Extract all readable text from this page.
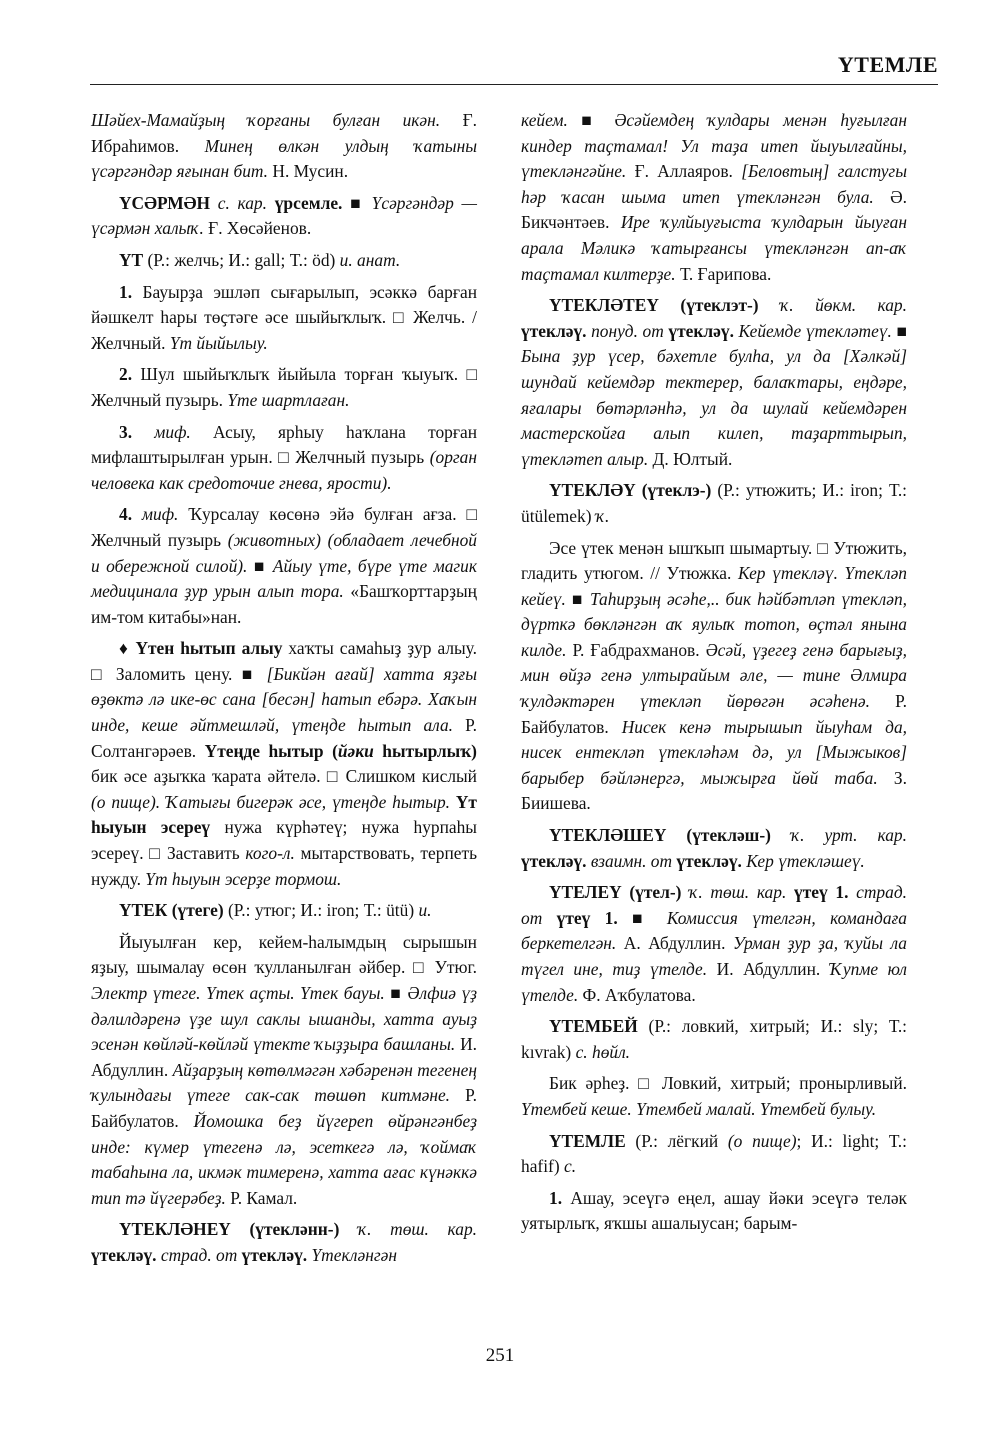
ҮТЕМЛЕ

Шәйех-Мамайҙың ҡорғаны булған икән. Ғ. Ибраһимов. Минең өлкән улдың ҡатыны үсәргәндәр яғынан бит. Н. Мусин.

ҮСӘРМӘН с. кар. үрсемле. ■ Үсәргәндәр — үсәрмән халыҡ. Ғ. Хөсәйенов.

ҮТ (Р.: желчь; И.: gall; Т.: öd) и. анат.

1. Бауырҙа эшләп сығарылып, эсәккә барған йәшкелт һары төҫтәге әсе шыйыҡлыҡ. □ Желчь. / Желчный. Үт йыйылыу.

2. Шул шыйыҡлыҡ йыйыла торған ҡыуыҡ. □ Желчный пузырь. Үте шартлаған.

3. миф. Асыу, ярһыу һаҡлана торған мифлаштырылған урын. □ Желчный пузырь (орган человека как средоточие гнева, ярости).

4. миф. Ҡурсалау көсөнә эйә булған ағза. □ Желчный пузырь (животных) (обладает лечебной и обережной силой). ■ Айыу үте, бүре үте магик медицинала ҙур урын алып тора. «Башҡорттарҙың им-том китабы»нан.

♦ Үтен һытып алыу хаҡты самаһыҙ ҙур алыу. □ Заломить цену. ■ [Бикйән ағай] хатта яҙғы өҙөктә лә ике-өс сана [бесән] һатып ебәрә. Хаҡын инде, кеше әйтмешләй, үтеңде һытып ала. Р. Солтангәрәев. Үтеңде һытыр (йәки һытырлыҡ) бик әсе аҙыҡка ҡарата әйтелә. □ Слишком кислый (о пище). Ҡатығы бигерәк әсе, үтеңде һытыр. Үт һыуын эсереү нужа күрһәтеү; нужа һурпаһы эсереү. □ Заставить кого-л. мытарствовать, терпеть нужду. Үт һыуын эсерҙе тормош.

ҮТЕК (үтеге) (Р.: утюг; И.: iron; Т.: ütü) и.

Йыуылған кер, кейем-һалымдың сырышын яҙыу, шымалау өсөн ҡулланылған әйбер. □ Утюг. Электр үтеге. Үтек аҫты. Үтек бауы. ■ Әлфиә үҙ дәлилдәренә үҙе шул саклы ышанды, хатта ауыҙ эсенән көйләй-көйләй үтекте ҡыҙҙыра башланы. И. Абдуллин. Айҙарҙың көтөлмәгән хәбәренән тегенең ҡулындағы үтеге сак-сак төшөп китмәне. Р. Байбулатов. Йомошка беҙ йүгереп өйрәнгәнбеҙ инде: күмер үтегенә лә, эсеткегә лә, ҡоймаҡ табаһына ла, икмәк тимеренә, хатта ағас күнәккә тип тә йүгерәбеҙ. Р. Камал.

ҮТЕКЛӘНЕҮ (үтекләнн-) ҡ. төш. кар. үтекләү. страд. от үтекләү. Үтекләнгән

кейем. ■ Әсәйемдең ҡулдары менән һуғылған киндер таҫтамал! Ул таҙа итеп йыуылғайны, үтекләнгәйне. Ғ. Аллаяров. [Беловтың] галстугы һәр ҡасан шыма итеп үтекләнгән була. Ә. Бикчәнтәев. Ире ҡулйыуғыста ҡулдарын йыуған арала Мәликә ҡатырғансы үтекләнгән ап-аҡ таҫтамал килтерҙе. Т. Ғарипова.

ҮТЕКЛӘТЕҮ (үтеклэт-) ҡ. йөкм. кар. үтекләү. понуд. от үтекләү. Кейемде үтекләтеү. ■ Бына ҙур үсер, бәхетле булһа, ул да [Хәлкәй] шундай кейемдәр тектерер, балаҡтары, еңдәре, яғалары бөтәрләнһә, ул да шулай кейемдәрен мастерскойға алып килеп, таҙарттырып, үтекләтеп алыр. Д. Юлтый.

ҮТЕКЛӘҮ (үтеклэ-) (Р.: утюжить; И.: iron; Т.: ütülemek) ҡ.

Эсе үтек менән ышҡып шымартыу. □ Утюжить, гладить утюгом. // Утюжка. Кер үтекләү. Үтекләп кейеү. ■ Таһирҙың әсәһе,.. бик һәйбәтләп үтекләп, дүрткә бөкләнгән аҡ яулыҡ тотоп, өҫтәл янына килде. Р. Ғабдрахманов. Әсәй, үҙегеҙ генә барығыҙ, мин өйҙә генә ултырайым әле, — тине Әлмира ҡулдәктәрен үтекләп йөрөгән әсәһенә. Р. Байбулатов. Нисек кенә тырышып йыуһам да, нисек ентекләп үтекләһәм дә, ул [Мыжыков] барыбер бәйләнергә, мыжырға йөй таба. З. Биишева.

ҮТЕКЛӘШЕҮ (үтекләш-) ҡ. урт. кар. үтекләү. взаимн. от үтекләү. Кер үтекләшеү.

ҮТЕЛЕҮ (үтел-) ҡ. төш. кар. үтеү 1. страд. от үтеү 1. ■ Комиссия үтелгән, командаға беркетелгән. А. Абдуллин. Урман ҙур ҙа, ҡуйы ла түгел ине, тиҙ үтелде. И. Абдуллин. Ҡупме юл үтелде. Ф. Аҡбулатова.

ҮТЕМБЕЙ (Р.: ловкий, хитрый; И.: sly; Т.: kıvrak) с. һөйл.

Бик әрһеҙ. □ Ловкий, хитрый; пронырливый. Үтембей кеше. Үтембей малай. Үтембей булыу.

ҮТЕМЛЕ (Р.: лёгкий (о пище); И.: light; Т.: hafif) с.

1. Ашау, эсеүгә еңел, ашау йәки эсеүгә теләк уятырлыҡ, яҡшы ашалыусан; барым-

251
